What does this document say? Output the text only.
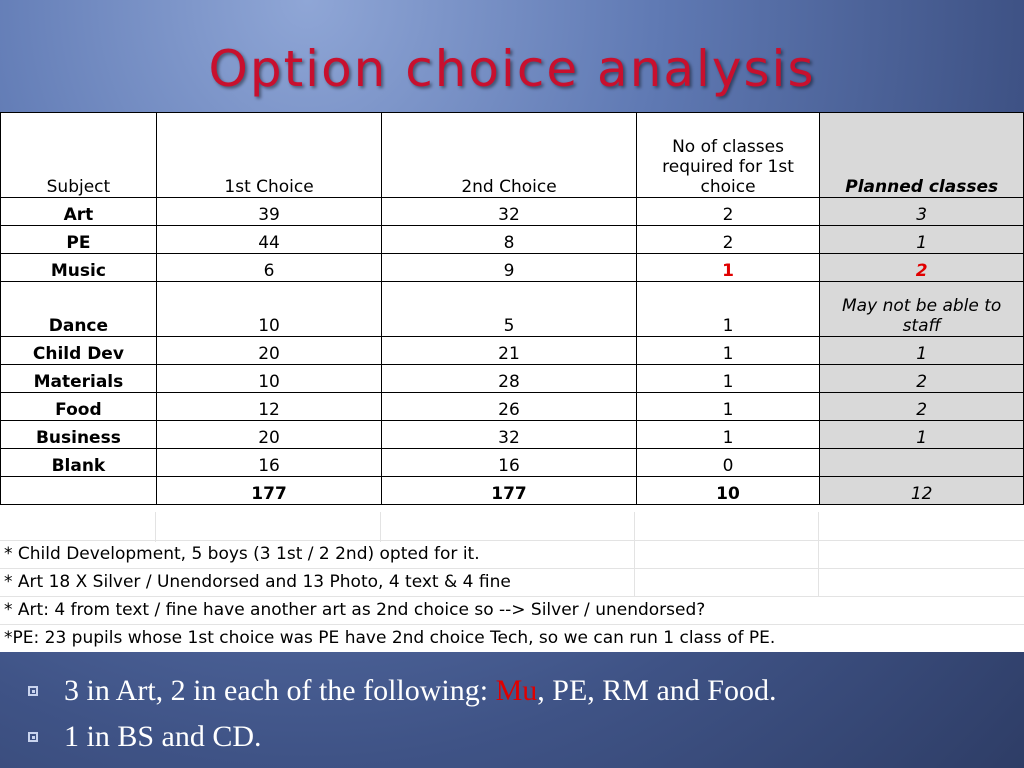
Option choice analysis
Subject	1st Choice	2nd Choice	No of classes required for 1st choice	Planned classes
Art	39	32	2	3
PE	44	8	2	1
Music	6	9	1	2
Dance	10	5	1	May not be able to staff
Child Dev	20	21	1	1
Materials	10	28	1	2
Food	12	26	1	2
Business	20	32	1	1
Blank	16	16	0	
	177	177	10	12
* Child Development, 5 boys (3 1st / 2 2nd) opted for it.
* Art 18 X Silver / Unendorsed and 13 Photo, 4 text & 4 fine
* Art: 4 from text / fine have another art as 2nd choice so --> Silver / unendorsed?
*PE: 23 pupils whose 1st choice was PE have 2nd choice Tech, so we can run 1 class of PE.
3 in Art, 2 in each of the following: Mu, PE, RM and Food.
1 in BS and CD.
